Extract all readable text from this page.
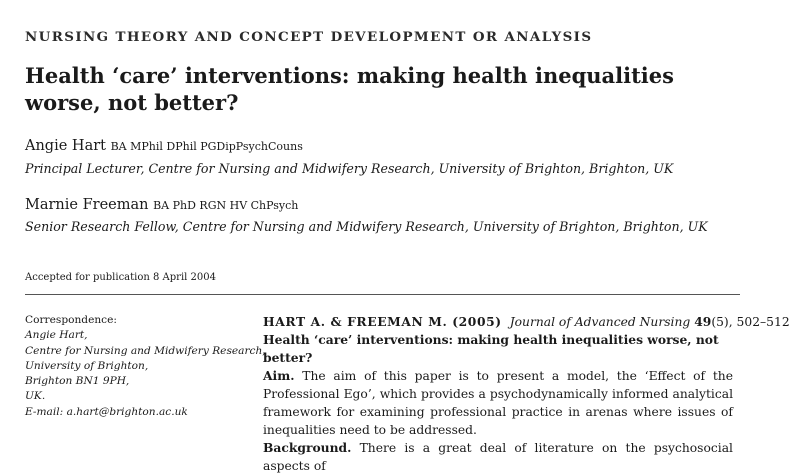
NURSING THEORY AND CONCEPT DEVELOPMENT OR ANALYSIS
Health ‘care’ interventions: making health inequalities worse, not better?
Angie Hart BA MPhil DPhil PGDipPsychCouns
Principal Lecturer, Centre for Nursing and Midwifery Research, University of Brighton, Brighton, UK
Marnie Freeman BA PhD RGN HV ChPsych
Senior Research Fellow, Centre for Nursing and Midwifery Research, University of Brighton, Brighton, UK
Accepted for publication 8 April 2004
Correspondence:
Angie Hart,
Centre for Nursing and Midwifery Research,
University of Brighton,
Brighton BN1 9PH,
UK.
E-mail: a.hart@brighton.ac.uk
HART A. & FREEMAN M. (2005) Journal of Advanced Nursing 49(5), 502–512
Health ‘care’ interventions: making health inequalities worse, not better?
Aim. The aim of this paper is to present a model, the ‘Effect of the Professional Ego’, which provides a psychodynamically informed analytical framework for examining professional practice in arenas where issues of inequalities need to be addressed.
Background. There is a great deal of literature on the psychosocial aspects of
